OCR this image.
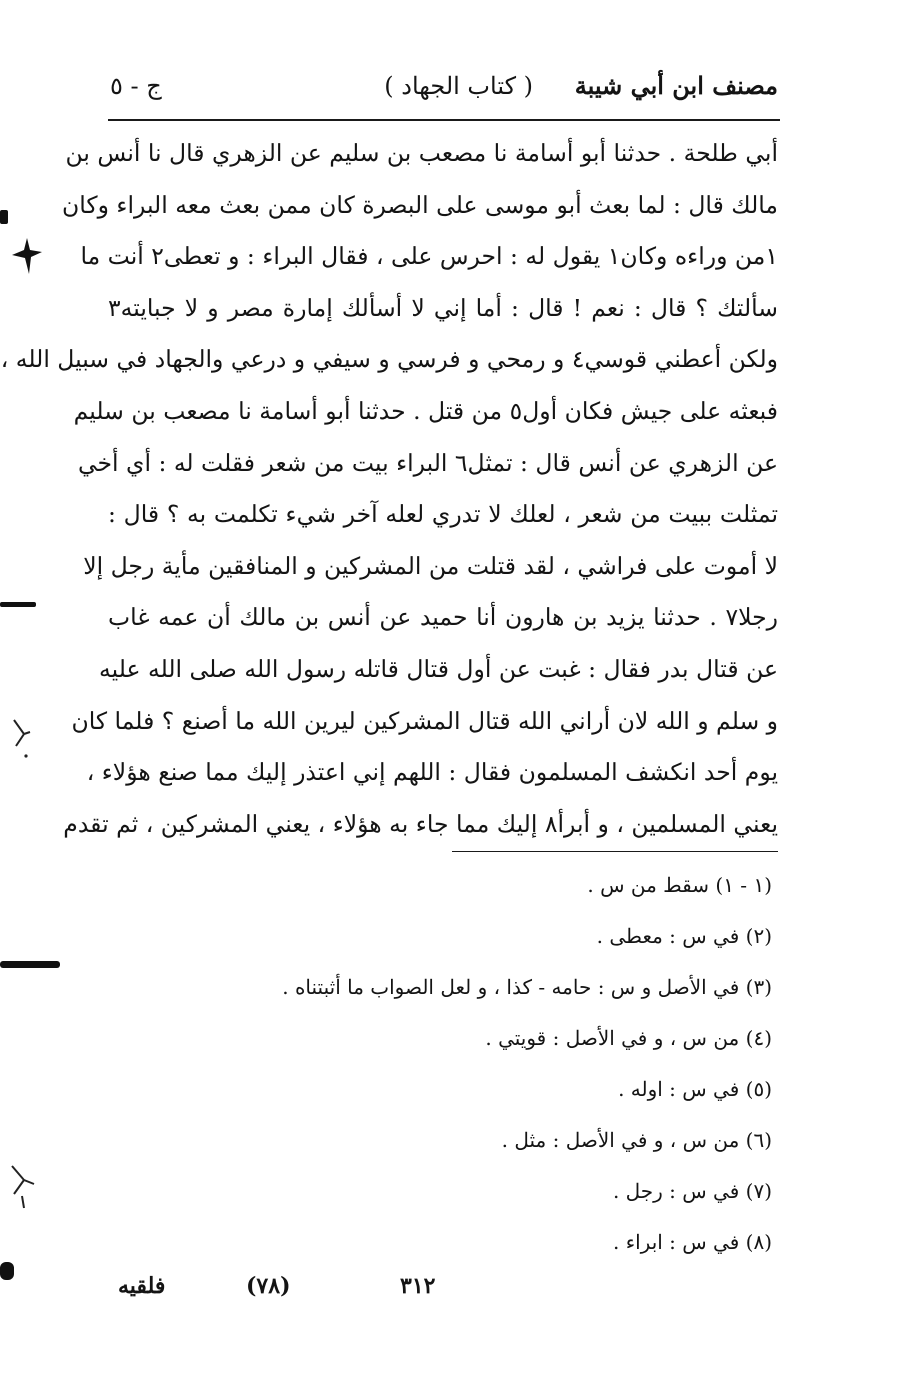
مصنف ابن أبي شيبة
( كتاب الجهاد )
ج - ٥
أبي طلحة . حدثنا أبو أسامة نا مصعب بن سليم عن الزهري قال نا أنس بن
مالك قال : لما بعث أبو موسى على البصرة كان ممن بعث معه البراء وكان
١من وراءه وكان١ يقول له : احرس على ، فقال البراء : و تعطى٢ أنت ما
سألتك ؟ قال : نعم ! قال : أما إني لا أسألك إمارة مصر و لا جبايته٣
ولكن أعطني قوسي٤ و رمحي و فرسي و سيفي و درعي والجهاد في سبيل الله ،
فبعثه على جيش فكان أول٥ من قتل . حدثنا أبو أسامة نا مصعب بن سليم
عن الزهري عن أنس قال : تمثل٦ البراء بيت من شعر فقلت له : أي أخي
تمثلت ببيت من شعر ، لعلك لا تدري لعله آخر شيء تكلمت به ؟ قال :
لا أموت على فراشي ، لقد قتلت من المشركين و المنافقين مأية رجل إلا
رجلا٧ . حدثنا يزيد بن هارون أنا حميد عن أنس بن مالك أن عمه غاب
عن قتال بدر فقال : غبت عن أول قتال قاتله رسول الله صلى الله عليه
و سلم و الله لان أراني الله قتال المشركين ليرين الله ما أصنع ؟ فلما كان
يوم أحد انكشف المسلمون فقال : اللهم إني اعتذر إليك مما صنع هؤلاء ،
يعني المسلمين ، و أبرأ٨ إليك مما جاء به هؤلاء ، يعني المشركين ، ثم تقدم
(١ - ١) سقط من س .
(٢) في س : معطى .
(٣) في الأصل و س : حامه - كذا ، و لعل الصواب ما أثبتناه .
(٤) من س ، و في الأصل : قويتي .
(٥) في س : اوله .
(٦) من س ، و في الأصل : مثل .
(٧) في س : رجل .
(٨) في س : ابراء .
فلقيه	(٧٨)	٣١٢
